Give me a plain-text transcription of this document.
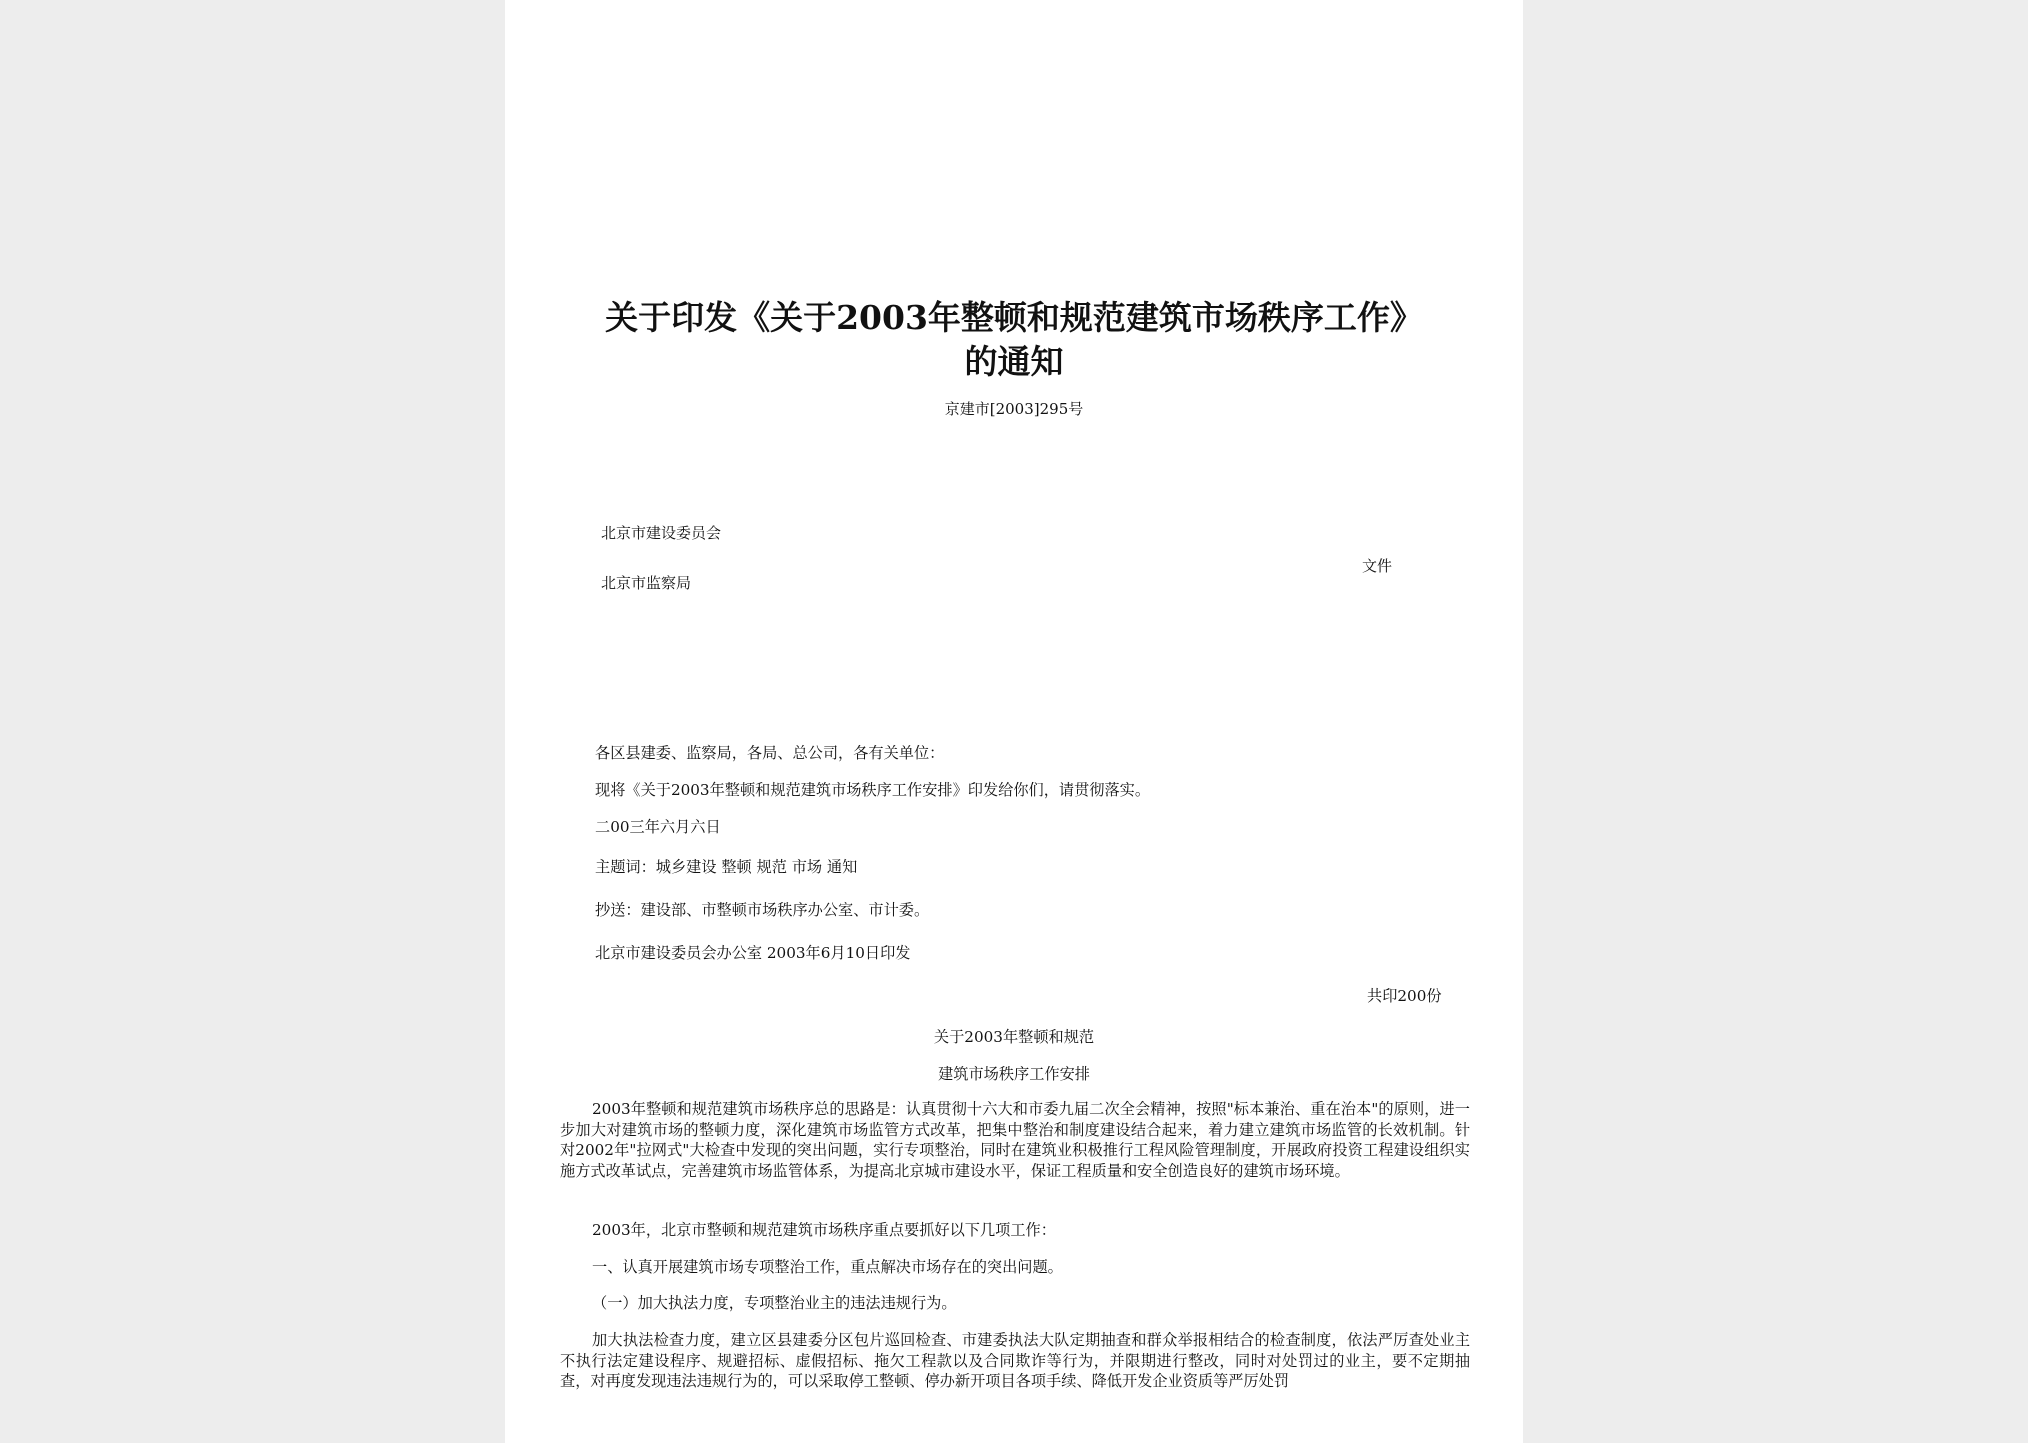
关于印发《关于2003年整顿和规范建筑市场秩序工作》
的通知
京建市[2003]295号
北京市建设委员会
北京市监察局
文件
各区县建委、监察局，各局、总公司，各有关单位：
现将《关于2003年整顿和规范建筑市场秩序工作安排》印发给你们，请贯彻落实。
二00三年六月六日
主题词：城乡建设 整顿 规范 市场 通知
抄送：建设部、市整顿市场秩序办公室、市计委。
北京市建设委员会办公室 2003年6月10日印发
共印200份
关于2003年整顿和规范
建筑市场秩序工作安排
2003年整顿和规范建筑市场秩序总的思路是：认真贯彻十六大和市委九届二次全会精神，按照"标本兼治、重在治本"的原则，进一步加大对建筑市场的整顿力度，深化建筑市场监管方式改革，把集中整治和制度建设结合起来，着力建立建筑市场监管的长效机制。针对2002年"拉网式"大检查中发现的突出问题，实行专项整治，同时在建筑业积极推行工程风险管理制度，开展政府投资工程建设组织实施方式改革试点，完善建筑市场监管体系，为提高北京城市建设水平，保证工程质量和安全创造良好的建筑市场环境。
2003年，北京市整顿和规范建筑市场秩序重点要抓好以下几项工作：
一、认真开展建筑市场专项整治工作，重点解决市场存在的突出问题。
（一）加大执法力度，专项整治业主的违法违规行为。
加大执法检查力度，建立区县建委分区包片巡回检查、市建委执法大队定期抽查和群众举报相结合的检查制度，依法严厉查处业主不执行法定建设程序、规避招标、虚假招标、拖欠工程款以及合同欺诈等行为，并限期进行整改，同时对处罚过的业主，要不定期抽查，对再度发现违法违规行为的，可以采取停工整顿、停办新开项目各项手续、降低开发企业资质等严厉处罚
